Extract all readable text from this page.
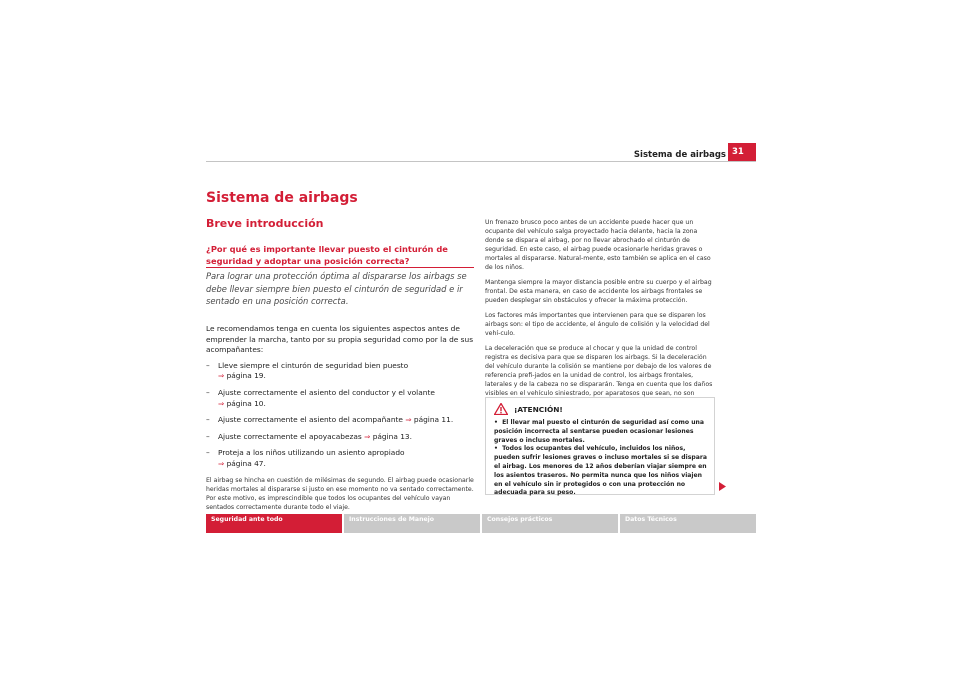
Sistema de airbags 31
Sistema de airbags
Breve introducción
¿Por qué es importante llevar puesto el cinturón de seguridad y adoptar una posición correcta?

Para lograr una protección óptima al dispararse los airbags se debe llevar siempre bien puesto el cinturón de seguridad e ir sentado en una posición correcta.

Le recomendamos tenga en cuenta los siguientes aspectos antes de emprender la marcha, tanto por su propia seguridad como por la de sus acompañantes:

– Lleve siempre el cinturón de seguridad bien puesto
⇒ página 19.
– Ajuste correctamente el asiento del conductor y el volante
⇒ página 10.
– Ajuste correctamente el asiento del acompañante ⇒ página 11.
– Ajuste correctamente el apoyacabezas ⇒ página 13.
– Proteja a los niños utilizando un asiento apropiado
⇒ página 47.

El airbag se hincha en cuestión de milésimas de segundo. El airbag puede ocasionarle heridas mortales al dispararse si justo en ese momento no va sentado correctamente. Por este motivo, es imprescindible que todos los ocupantes del vehículo vayan sentados correctamente durante todo el viaje.

Un frenazo brusco poco antes de un accidente puede hacer que un ocupante del vehículo salga proyectado hacia delante, hacia la zona donde se dispara el airbag, por no llevar abrochado el cinturón de seguridad. En este caso, el airbag puede ocasionarle heridas graves o mortales al dispararse. Natural-mente, esto también se aplica en el caso de los niños.

Mantenga siempre la mayor distancia posible entre su cuerpo y el airbag frontal. De esta manera, en caso de accidente los airbags frontales se pueden desplegar sin obstáculos y ofrecer la máxima protección.

Los factores más importantes que intervienen para que se disparen los airbags son: el tipo de accidente, el ángulo de colisión y la velocidad del vehí-culo.

La deceleración que se produce al chocar y que la unidad de control registra es decisiva para que se disparen los airbags. Si la deceleración del vehículo durante la colisión se mantiene por debajo de los valores de referencia prefi-jados en la unidad de control, los airbags frontales, laterales y de la cabeza no se dispararán. Tenga en cuenta que los daños visibles en el vehículo siniestrado, por aparatosos que sean, no son

¡ATENCIÓN!

•  El llevar mal puesto el cinturón de seguridad así como una posición incorrecta al sentarse pueden ocasionar lesiones graves o incluso mortales.

•  Todos los ocupantes del vehículo, incluidos los niños, pueden sufrir lesiones graves o incluso mortales si se dispara el airbag. Los menores de 12 años deberían viajar siempre en los asientos traseros. No permita nunca que los niños viajen en el vehículo sin ir protegidos o con una protección no adecuada para su peso.

Seguridad ante todo	Instrucciones de Manejo	Consejos prácticos	Datos Técnicos
